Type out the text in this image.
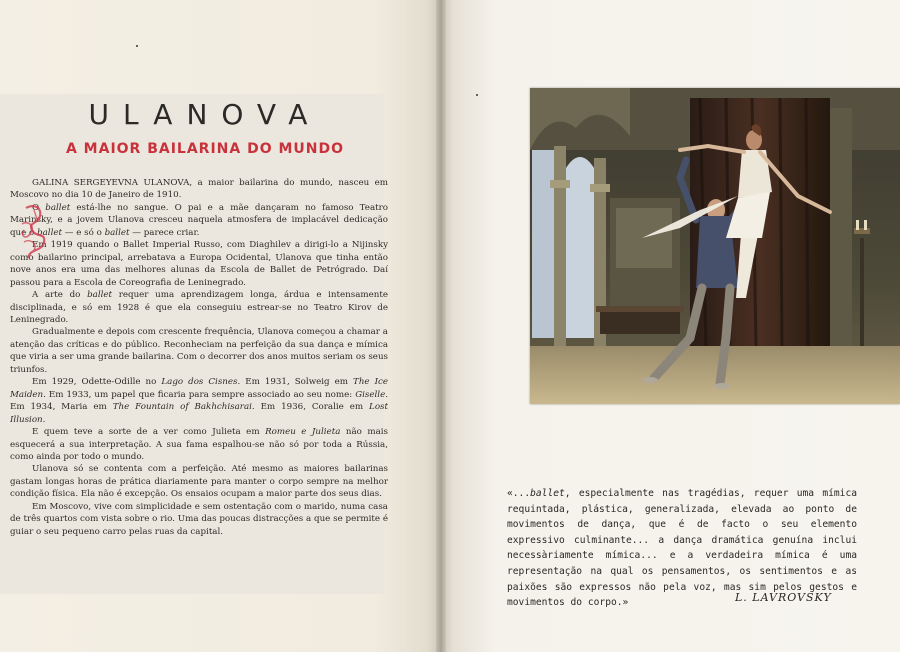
ULANOVA
A MAIOR BAILARINA DO MUNDO

GALINA SERGEYEVNA ULANOVA, a maior bailarina do mundo, nasceu em Moscovo no dia 10 de Janeiro de 1910.

O ballet está-lhe no sangue. O pai e a mãe dançaram no famoso Teatro Marinsky, e a jovem Ulanova cresceu naquela atmosfera de implacável dedicação que o ballet — e só o ballet — parece criar.

Em 1919 quando o Ballet Imperial Russo, com Diaghilev a dirigi-lo a Nijinsky como bailarino principal, arrebatava a Europa Ocidental, Ulanova que tinha então nove anos era uma das melhores alunas da Escola de Ballet de Petrógrado. Daí passou para a Escola de Coreografia de Leninegrado.

A arte do ballet requer uma aprendizagem longa, árdua e intensamente disciplinada, e só em 1928 é que ela conseguiu estrear-se no Teatro Kirov de Leninegrado.

Gradualmente e depois com crescente frequência, Ulanova começou a chamar a atenção das críticas e do público. Reconheciam na perfeição da sua dança e mímica que viria a ser uma grande bailarina. Com o decorrer dos anos muitos seriam os seus triunfos.

Em 1929, Odette-Odille no Lago dos Cisnes. Em 1931, Solweig em The Ice Maiden. Em 1933, um papel que ficaria para sempre associado ao seu nome: Giselle. Em 1934, Maria em The Fountain of Bakhchisarai. Em 1936, Coralie em Lost Illusion.

E quem teve a sorte de a ver como Julieta em Romeu e Julieta não mais esquecerá a sua interpretação. A sua fama espalhou-se não só por toda a Rússia, como ainda por todo o mundo.

Ulanova só se contenta com a perfeição. Até mesmo as maiores bailarinas gastam longas horas de prática diariamente para manter o corpo sempre na melhor condição física. Ela não é excepção. Os ensaios ocupam a maior parte dos seus dias.

Em Moscovo, vive com simplicidade e sem ostentação com o marido, numa casa de três quartos com vista sobre o rio. Uma das poucas distracções a que se permite é guiar o seu pequeno carro pelas ruas da capital.

«...ballet, especialmente nas tragédias, requer uma mímica requintada, plástica, generalizada, elevada ao ponto de movimentos de dança, que é de facto o seu elemento expressivo culminante... a dança dramática genuína inclui necessàriamente mímica... e a verdadeira mímica é uma representação na qual os pensamentos, os sentimentos e as paixões são expressos não pela voz, mas sim pelos gestos e movimentos do corpo.»	L. LAVROVSKY
